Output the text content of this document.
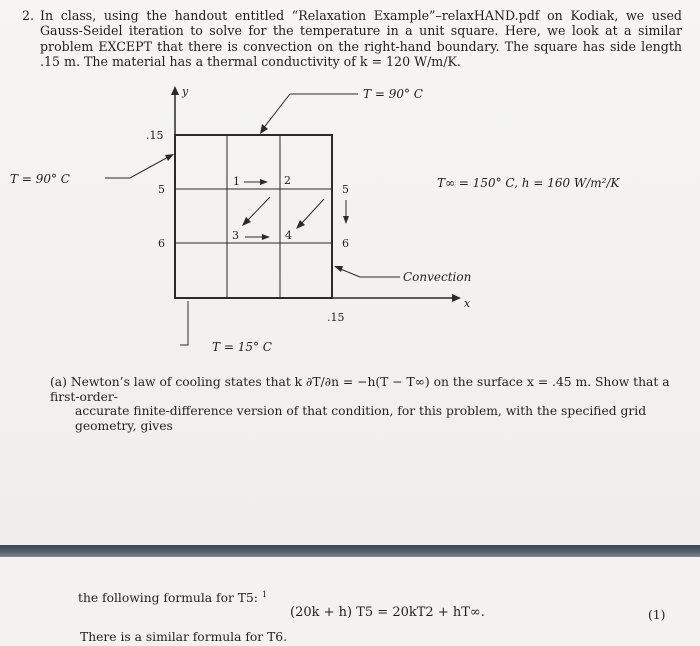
2. In class, using the handout entitled “Relaxation Example”–relaxHAND.pdf on Kodiak, we used Gauss-Seidel iteration to solve for the temperature in a unit square. Here, we look at a similar problem EXCEPT that there is convection on the right-hand boundary. The square has side length .15 m. The material has a thermal conductivity of k = 120 W/m/K.
y
x
T = 90° C
T = 90° C
T = 15° C
T∞ = 150° C, h = 160 W/m²/K
Convection
.15
.15
1	2
3	4
5
6
5
6
(a) Newton’s law of cooling states that k ∂T/∂n = −h(T − T∞) on the surface x = .45 m. Show that a first-order-
accurate finite-difference version of that condition, for this problem, with the specified grid geometry, gives
the following formula for T5: $^1$
(20k + h) T5 = 20kT2 + hT∞.	(1)
There is a similar formula for T6.
